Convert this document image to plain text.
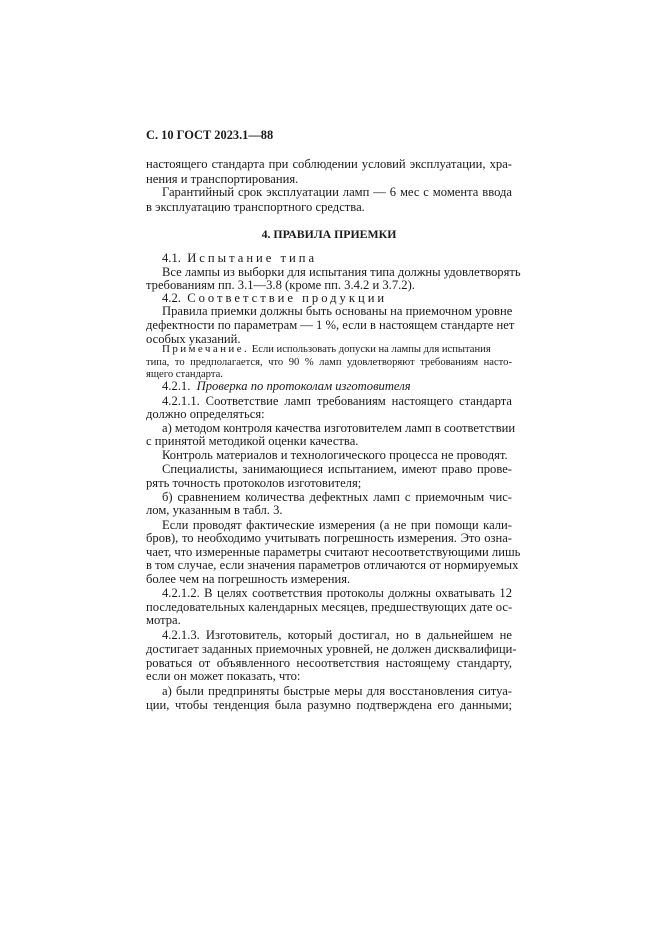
С. 10 ГОСТ 2023.1—88
настоящего стандарта при соблюдении условий эксплуатации, хра-
нения и транспортирования.
Гарантийный срок эксплуатации ламп — 6 мес с момента ввода
в эксплуатацию транспортного средства.
4. ПРАВИЛА ПРИЕМКИ
4.1. Испытание типа
Все лампы из выборки для испытания типа должны удовлетворять
требованиям пп. 3.1—3.8 (кроме пп. 3.4.2 и 3.7.2).
4.2. Соответствие продукции
Правила приемки должны быть основаны на приемочном уровне
дефектности по параметрам — 1 %, если в настоящем стандарте нет
особых указаний.
Примечание. Если использовать допуски на лампы для испытания
типа, то предполагается, что 90 % ламп удовлетворяют требованиям насто-
ящего стандарта.
4.2.1. Проверка по протоколам изготовителя
4.2.1.1. Соответствие ламп требованиям настоящего стандарта
должно определяться:
а) методом контроля качества изготовителем ламп в соответствии
с принятой методикой оценки качества.
Контроль материалов и технологического процесса не проводят.
Специалисты, занимающиеся испытанием, имеют право прове-
рять точность протоколов изготовителя;
б) сравнением количества дефектных ламп с приемочным чис-
лом, указанным в табл. 3.
Если проводят фактические измерения (а не при помощи кали-
бров), то необходимо учитывать погрешность измерения. Это озна-
чает, что измеренные параметры считают несоответствующими лишь
в том случае, если значения параметров отличаются от нормируемых
более чем на погрешность измерения.
4.2.1.2. В целях соответствия протоколы должны охватывать 12
последовательных календарных месяцев, предшествующих дате ос-
мотра.
4.2.1.3. Изготовитель, который достигал, но в дальнейшем не
достигает заданных приемочных уровней, не должен дисквалифици-
роваться от объявленного несоответствия настоящему стандарту,
если он может показать, что:
а) были предприняты быстрые меры для восстановления ситуа-
ции, чтобы тенденция была разумно подтверждена его данными;
